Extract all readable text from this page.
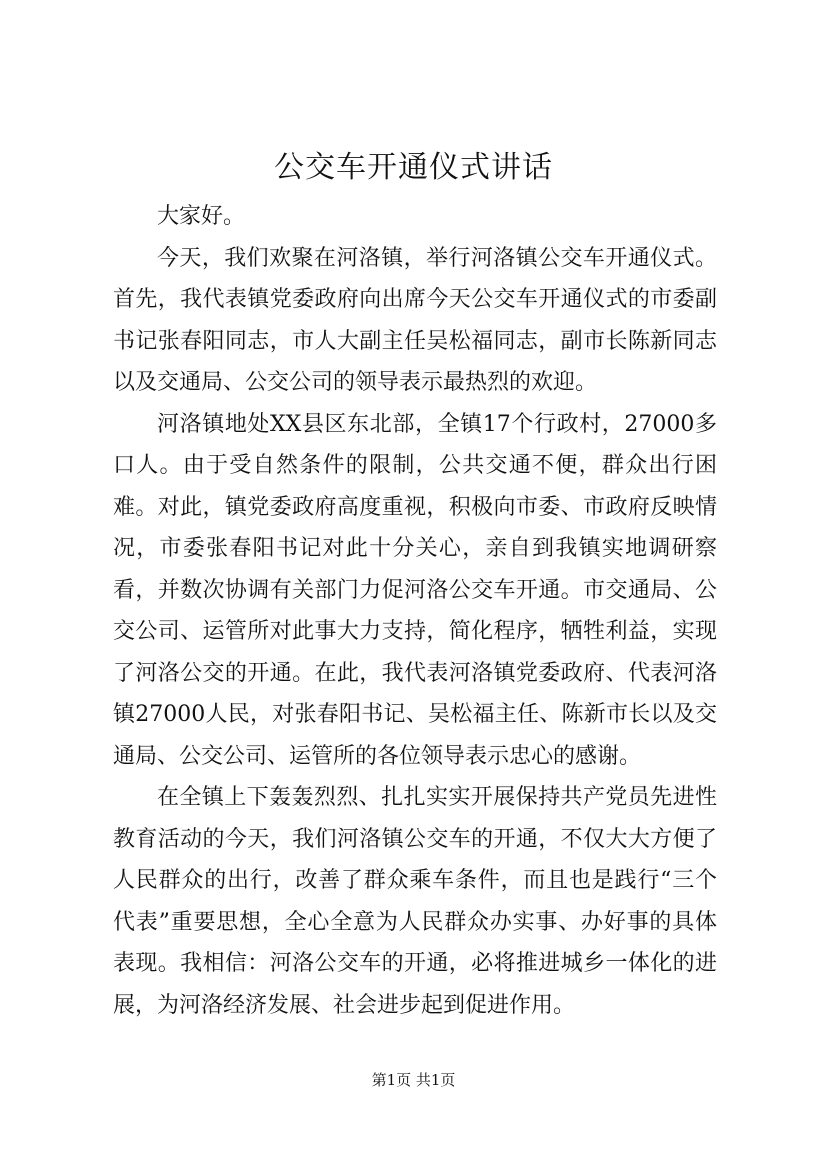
公交车开通仪式讲话

大家好。

今天，我们欢聚在河洛镇，举行河洛镇公交车开通仪式。首先，我代表镇党委政府向出席今天公交车开通仪式的市委副书记张春阳同志，市人大副主任吴松福同志，副市长陈新同志以及交通局、公交公司的领导表示最热烈的欢迎。

河洛镇地处XX县区东北部，全镇17个行政村，27000多口人。由于受自然条件的限制，公共交通不便，群众出行困难。对此，镇党委政府高度重视，积极向市委、市政府反映情况，市委张春阳书记对此十分关心，亲自到我镇实地调研察看，并数次协调有关部门力促河洛公交车开通。市交通局、公交公司、运管所对此事大力支持，简化程序，牺牲利益，实现了河洛公交的开通。在此，我代表河洛镇党委政府、代表河洛镇27000人民，对张春阳书记、吴松福主任、陈新市长以及交通局、公交公司、运管所的各位领导表示忠心的感谢。

在全镇上下轰轰烈烈、扎扎实实开展保持共产党员先进性教育活动的今天，我们河洛镇公交车的开通，不仅大大方便了人民群众的出行，改善了群众乘车条件，而且也是践行“三个代表”重要思想，全心全意为人民群众办实事、办好事的具体表现。我相信：河洛公交车的开通，必将推进城乡一体化的进展，为河洛经济发展、社会进步起到促进作用。

第1页 共1页
